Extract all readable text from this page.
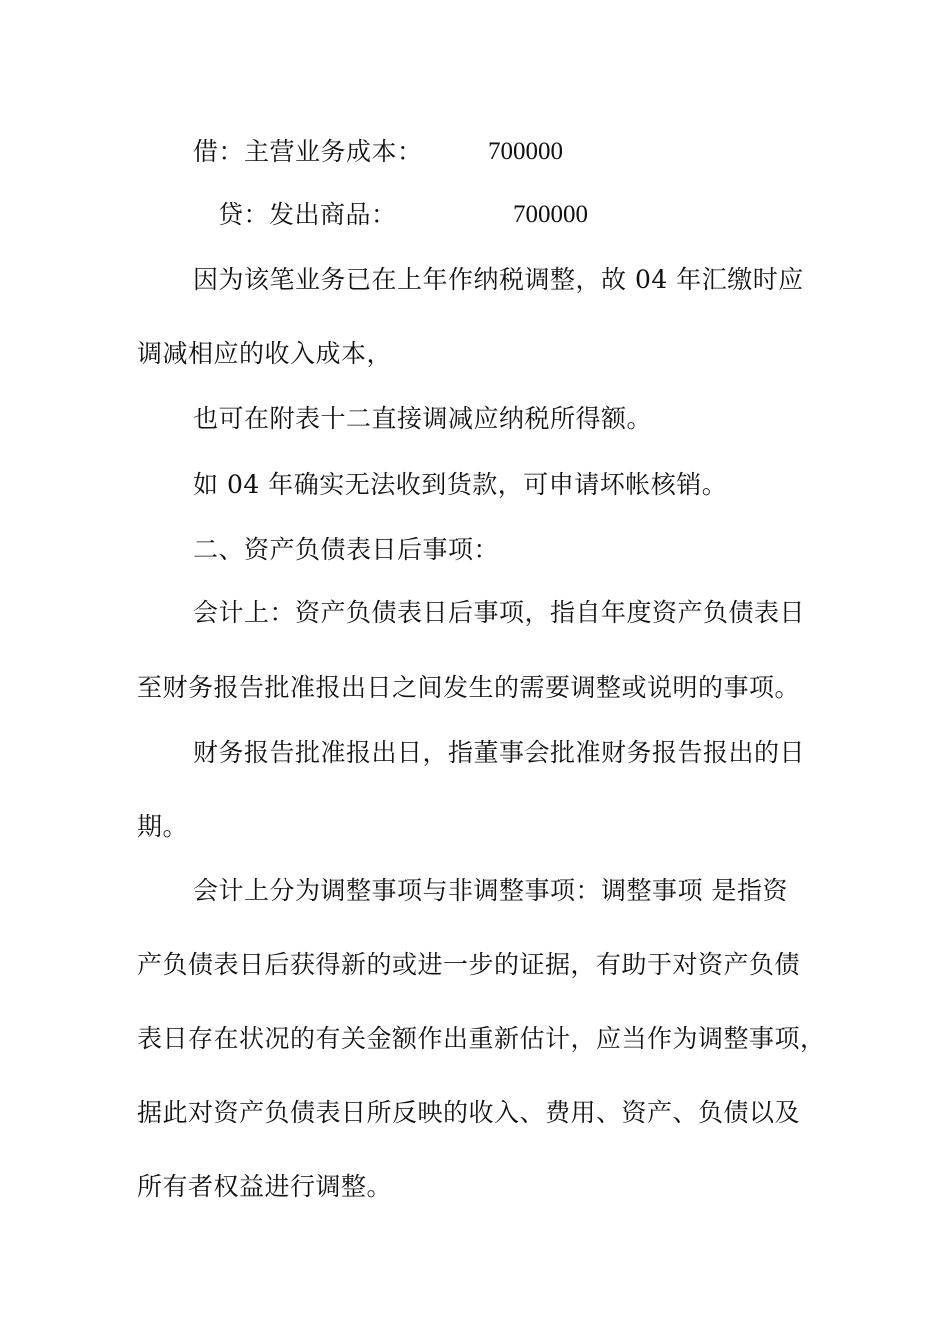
借：主营业务成本：	700000
贷：发出商品：	700000
因为该笔业务已在上年作纳税调整，故 04 年汇缴时应
调减相应的收入成本，
也可在附表十二直接调减应纳税所得额。
如 04 年确实无法收到货款，可申请坏帐核销。
二、资产负债表日后事项：
会计上：资产负债表日后事项，指自年度资产负债表日
至财务报告批准报出日之间发生的需要调整或说明的事项。
财务报告批准报出日，指董事会批准财务报告报出的日
期。
会计上分为调整事项与非调整事项：调整事项 是指资
产负债表日后获得新的或进一步的证据，有助于对资产负债
表日存在状况的有关金额作出重新估计，应当作为调整事项，
据此对资产负债表日所反映的收入、费用、资产、负债以及
所有者权益进行调整。
